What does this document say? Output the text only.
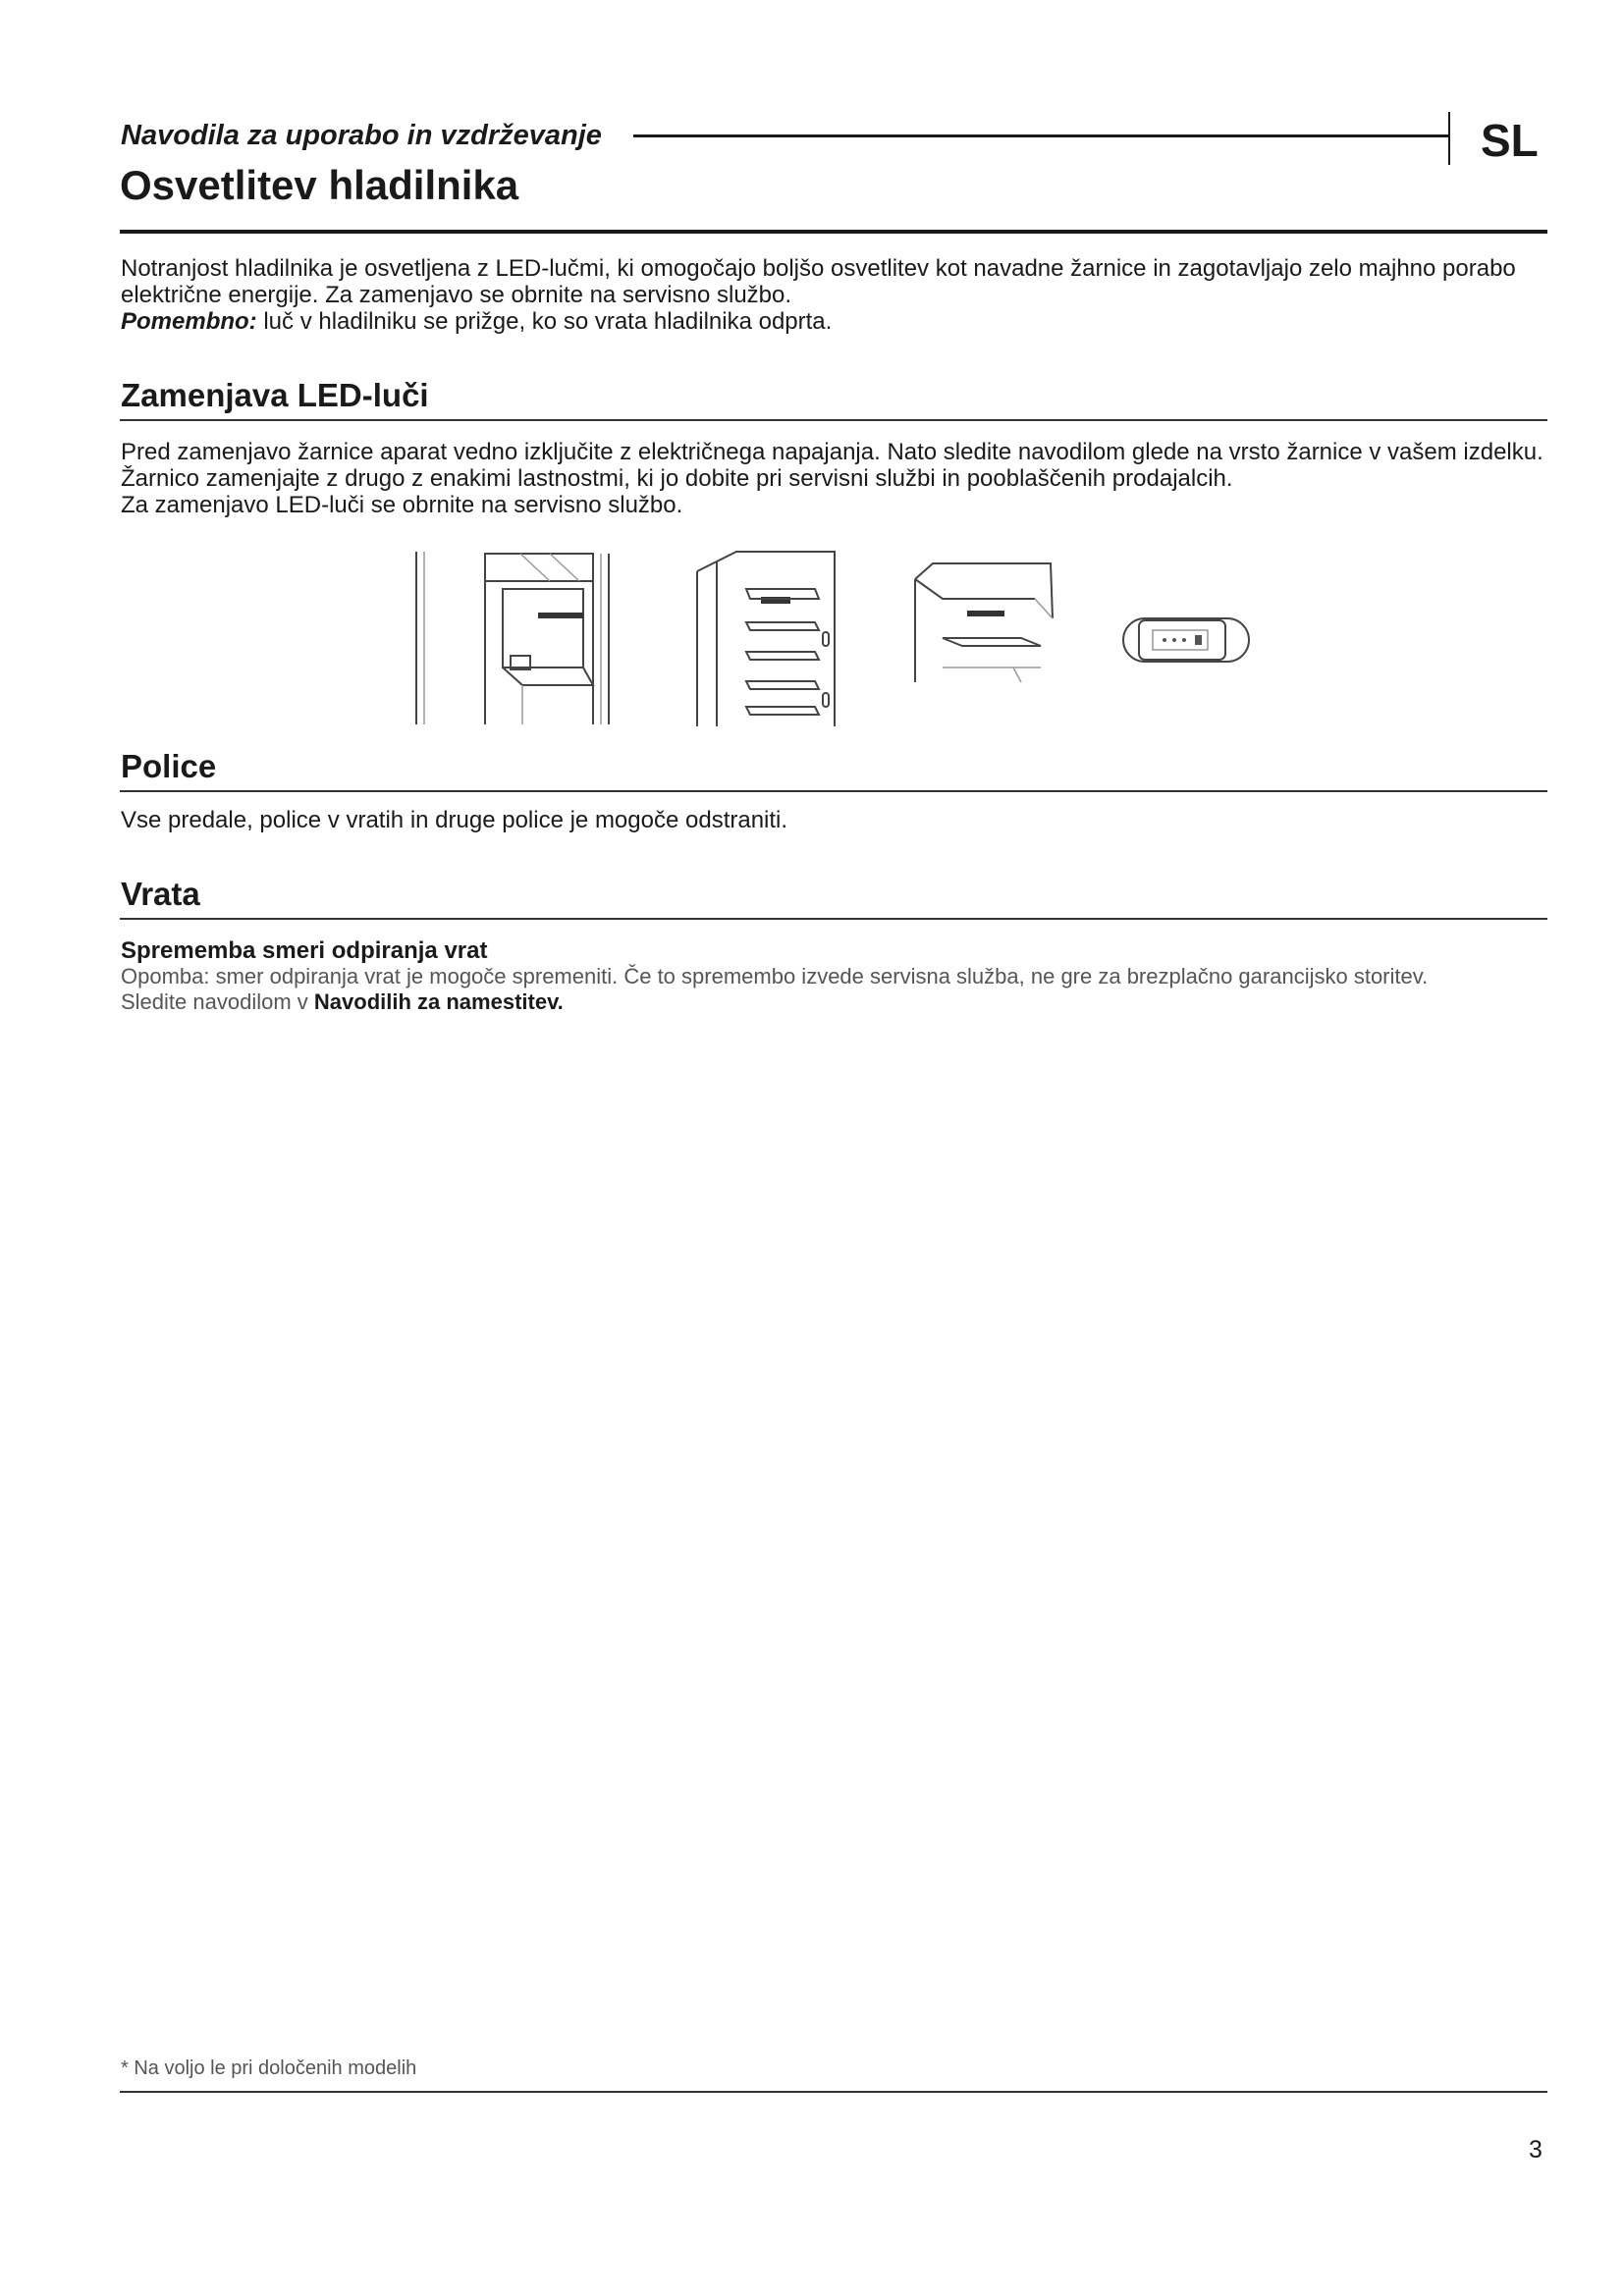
Navodila za uporabo in vzdrževanje	SL
Osvetlitev hladilnika

Notranjost hladilnika je osvetljena z LED-lučmi, ki omogočajo boljšo osvetlitev kot navadne žarnice in zagotavljajo zelo majhno porabo električne energije. Za zamenjavo se obrnite na servisno službo.

Pomembno: luč v hladilniku se prižge, ko so vrata hladilnika odprta.

Zamenjava LED-luči

Pred zamenjavo žarnice aparat vedno izključite z električnega napajanja. Nato sledite navodilom glede na vrsto žarnice v vašem izdelku. Žarnico zamenjajte z drugo z enakimi lastnostmi, ki jo dobite pri servisni službi in pooblaščenih prodajalcih.

Za zamenjavo LED-luči se obrnite na servisno službo.

Police
Vse predale, police v vratih in druge police je mogoče odstraniti.
Vrata

Sprememba smeri odpiranja vrat

Opomba: smer odpiranja vrat je mogoče spremeniti. Če to spremembo izvede servisna služba, ne gre za brezplačno garancijsko storitev.

Sledite navodilom v Navodilih za namestitev.

* Na voljo le pri določenih modelih
3
